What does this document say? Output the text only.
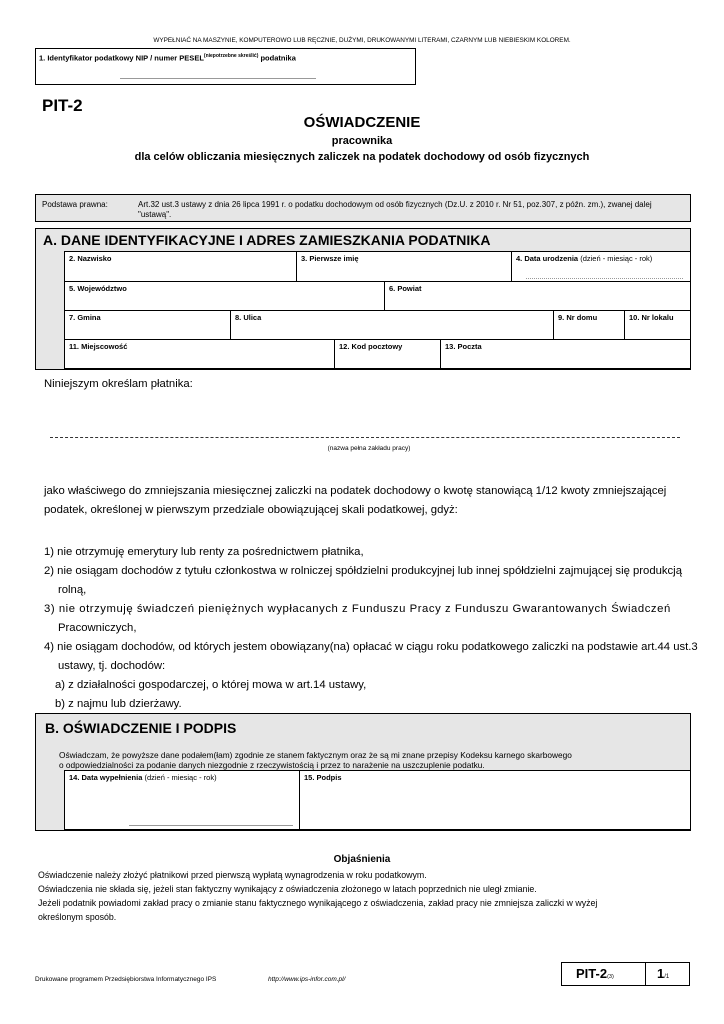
WYPEŁNIAĆ NA MASZYNIE, KOMPUTEROWO LUB RĘCZNIE, DUŻYMI, DRUKOWANYMI LITERAMI, CZARNYM LUB NIEBIESKIM KOLOREM.
1. Identyfikator podatkowy NIP / numer $PESEL^{(niepotrzebne skreślić)}$ podatnika
PIT-2
OŚWIADCZENIE
pracownika
dla celów obliczania miesięcznych zaliczek na podatek dochodowy od osób fizycznych
Podstawa prawna:	Art.32 ust.3 ustawy z dnia 26 lipca 1991 r. o podatku dochodowym od osób fizycznych (Dz.U. z 2010 r. Nr 51, poz.307, z późn. zm.), zwanej dalej "ustawą".
A. DANE IDENTYFIKACYJNE I ADRES ZAMIESZKANIA PODATNIKA
2. Nazwisko	3. Pierwsze imię	4. Data urodzenia (dzień - miesiąc - rok)
5. Województwo	6. Powiat
7. Gmina	8. Ulica	9. Nr domu	10. Nr lokalu
11. Miejscowość	12. Kod pocztowy	13. Poczta
Niniejszym określam płatnika:
(nazwa pełna zakładu pracy)
jako właściwego do zmniejszania miesięcznej zaliczki na podatek dochodowy o kwotę stanowiącą 1/12 kwoty zmniejszającej
podatek, określonej w pierwszym przedziale obowiązującej skali podatkowej, gdyż:
1) nie otrzymuję emerytury lub renty za pośrednictwem płatnika,
2) nie osiągam dochodów z tytułu członkostwa w rolniczej spółdzielni produkcyjnej lub innej spółdzielni zajmującej się produkcją
rolną,
3) nie otrzymuję świadczeń pieniężnych wypłacanych z Funduszu Pracy z Funduszu Gwarantowanych Świadczeń
Pracowniczych,
4) nie osiągam dochodów, od których jestem obowiązany(na) opłacać w ciągu roku podatkowego zaliczki na podstawie art.44 ust.3
ustawy, tj. dochodów:
a) z działalności gospodarczej, o której mowa w art.14 ustawy,
b) z najmu lub dzierżawy.
B. OŚWIADCZENIE I PODPIS
Oświadczam, że powyższe dane podałem(łam) zgodnie ze stanem faktycznym oraz że są mi znane przepisy Kodeksu karnego skarbowego
o odpowiedzialności za podanie danych niezgodnie z rzeczywistością i przez to narażenie na uszczuplenie podatku.
14. Data wypełnienia (dzień - miesiąc - rok)	15. Podpis
Objaśnienia
Oświadczenie należy złożyć płatnikowi przed pierwszą wypłatą wynagrodzenia w roku podatkowym.
Oświadczenia nie składa się, jeżeli stan faktyczny wynikający z oświadczenia złożonego w latach poprzednich nie uległ zmianie.
Jeżeli podatnik powiadomi zakład pracy o zmianie stanu faktycznego wynikającego z oświadczenia, zakład pracy nie zmniejsza zaliczki w wyżej
określonym sposób.
Drukowane programem Przedsiębiorstwa Informatycznego IPS	http://www.ips-infor.com.pl/	PIT-2(3)	1/1
